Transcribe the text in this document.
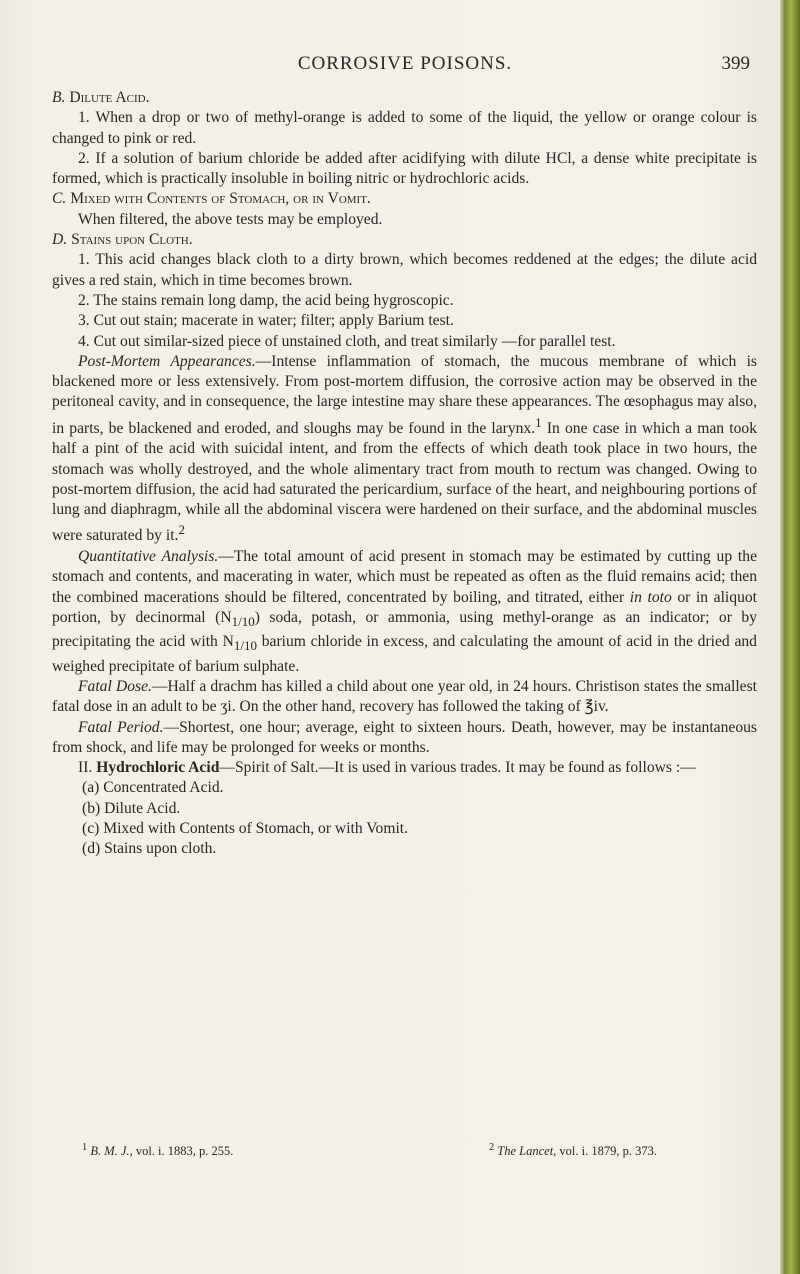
CORROSIVE POISONS.	399

B. Dilute Acid.

1. When a drop or two of methyl-orange is added to some of the liquid, the yellow or orange colour is changed to pink or red.

2. If a solution of barium chloride be added after acidifying with dilute HCl, a dense white precipitate is formed, which is practically insoluble in boiling nitric or hydrochloric acids.

C. Mixed with Contents of Stomach, or in Vomit.

When filtered, the above tests may be employed.

D. Stains upon Cloth.

1. This acid changes black cloth to a dirty brown, which becomes reddened at the edges; the dilute acid gives a red stain, which in time becomes brown.

2. The stains remain long damp, the acid being hygroscopic.

3. Cut out stain; macerate in water; filter; apply Barium test.

4. Cut out similar-sized piece of unstained cloth, and treat similarly —for parallel test.

Post-Mortem Appearances.—Intense inflammation of stomach, the mucous membrane of which is blackened more or less extensively. From post-mortem diffusion, the corrosive action may be observed in the peritoneal cavity, and in consequence, the large intestine may share these appearances. The œsophagus may also, in parts, be blackened and eroded, and sloughs may be found in the larynx.$^1$ In one case in which a man took half a pint of the acid with suicidal intent, and from the effects of which death took place in two hours, the stomach was wholly destroyed, and the whole alimentary tract from mouth to rectum was changed. Owing to post-mortem diffusion, the acid had saturated the pericardium, surface of the heart, and neighbouring portions of lung and diaphragm, while all the abdominal viscera were hardened on their surface, and the abdominal muscles were saturated by it.$^2$

Quantitative Analysis.—The total amount of acid present in stomach may be estimated by cutting up the stomach and contents, and macerating in water, which must be repeated as often as the fluid remains acid; then the combined macerations should be filtered, concentrated by boiling, and titrated, either in toto or in aliquot portion, by decinormal $(N_{1/10})$ soda, potash, or ammonia, using methyl-orange as an indicator; or by precipitating the acid with $N_{1/10}$ barium chloride in excess, and calculating the amount of acid in the dried and weighed precipitate of barium sulphate.

Fatal Dose.—Half a drachm has killed a child about one year old, in 24 hours. Christison states the smallest fatal dose in an adult to be ʒi. On the other hand, recovery has followed the taking of ℥iv.

Fatal Period.—Shortest, one hour; average, eight to sixteen hours. Death, however, may be instantaneous from shock, and life may be prolonged for weeks or months.

II. Hydrochloric Acid—Spirit of Salt.—It is used in various trades. It may be found as follows :—

(a) Concentrated Acid.

(b) Dilute Acid.

(c) Mixed with Contents of Stomach, or with Vomit.

(d) Stains upon cloth.

$^1$ B. M. J., vol. i. 1883, p. 255.	$^2$ The Lancet, vol. i. 1879, p. 373.
